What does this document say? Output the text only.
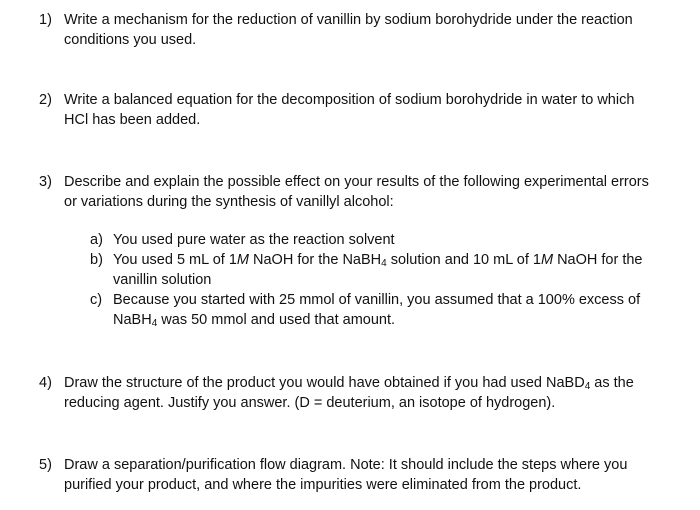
1) Write a mechanism for the reduction of vanillin by sodium borohydride under the reaction
conditions you used.
2) Write a balanced equation for the decomposition of sodium borohydride in water to which
HCl has been added.
3) Describe and explain the possible effect on your results of the following experimental errors
or variations during the synthesis of vanillyl alcohol:
a) You used pure water as the reaction solvent
b) You used 5 mL of 1M NaOH for the NaBH$_4$ solution and 10 mL of 1M NaOH for the
vanillin solution
c) Because you started with 25 mmol of vanillin, you assumed that a 100% excess of
NaBH$_4$ was 50 mmol and used that amount.
4) Draw the structure of the product you would have obtained if you had used NaBD$_4$ as the
reducing agent. Justify you answer. (D = deuterium, an isotope of hydrogen).
5) Draw a separation/purification flow diagram. Note: It should include the steps where you
purified your product, and where the impurities were eliminated from the product.
